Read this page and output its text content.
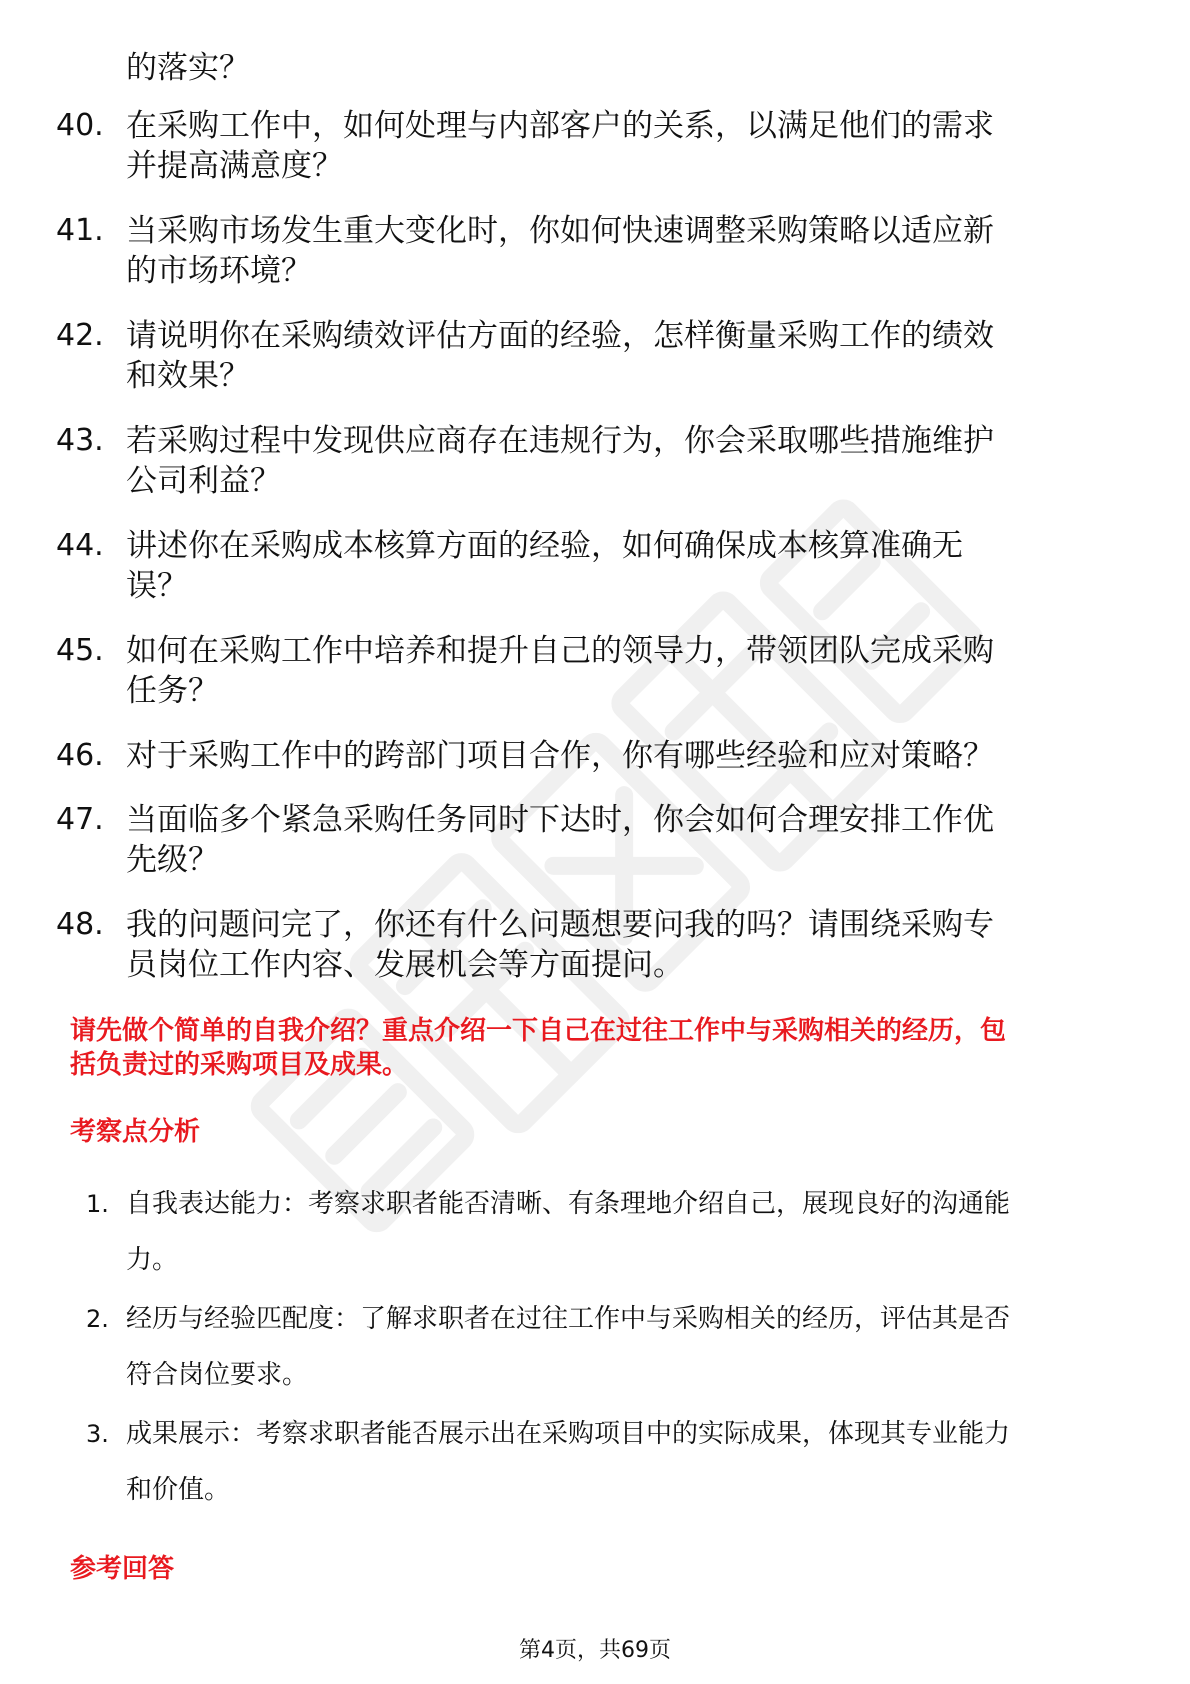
的落实？
40. 在采购工作中，如何处理与内部客户的关系，以满足他们的需求
并提高满意度？
41. 当采购市场发生重大变化时，你如何快速调整采购策略以适应新
的市场环境？
42. 请说明你在采购绩效评估方面的经验，怎样衡量采购工作的绩效
和效果？
43. 若采购过程中发现供应商存在违规行为，你会采取哪些措施维护
公司利益？
44. 讲述你在采购成本核算方面的经验，如何确保成本核算准确无
误？
45. 如何在采购工作中培养和提升自己的领导力，带领团队完成采购
任务？
46. 对于采购工作中的跨部门项目合作，你有哪些经验和应对策略？
47. 当面临多个紧急采购任务同时下达时，你会如何合理安排工作优
先级？
48. 我的问题问完了，你还有什么问题想要问我的吗？请围绕采购专
员岗位工作内容、发展机会等方面提问。
请先做个简单的自我介绍？重点介绍一下自己在过往工作中与采购相关的经历，包
括负责过的采购项目及成果。
考察点分析
1. 自我表达能力：考察求职者能否清晰、有条理地介绍自己，展现良好的沟通能
力。
2. 经历与经验匹配度：了解求职者在过往工作中与采购相关的经历，评估其是否
符合岗位要求。
3. 成果展示：考察求职者能否展示出在采购项目中的实际成果，体现其专业能力
和价值。
参考回答
第4页，共69页
